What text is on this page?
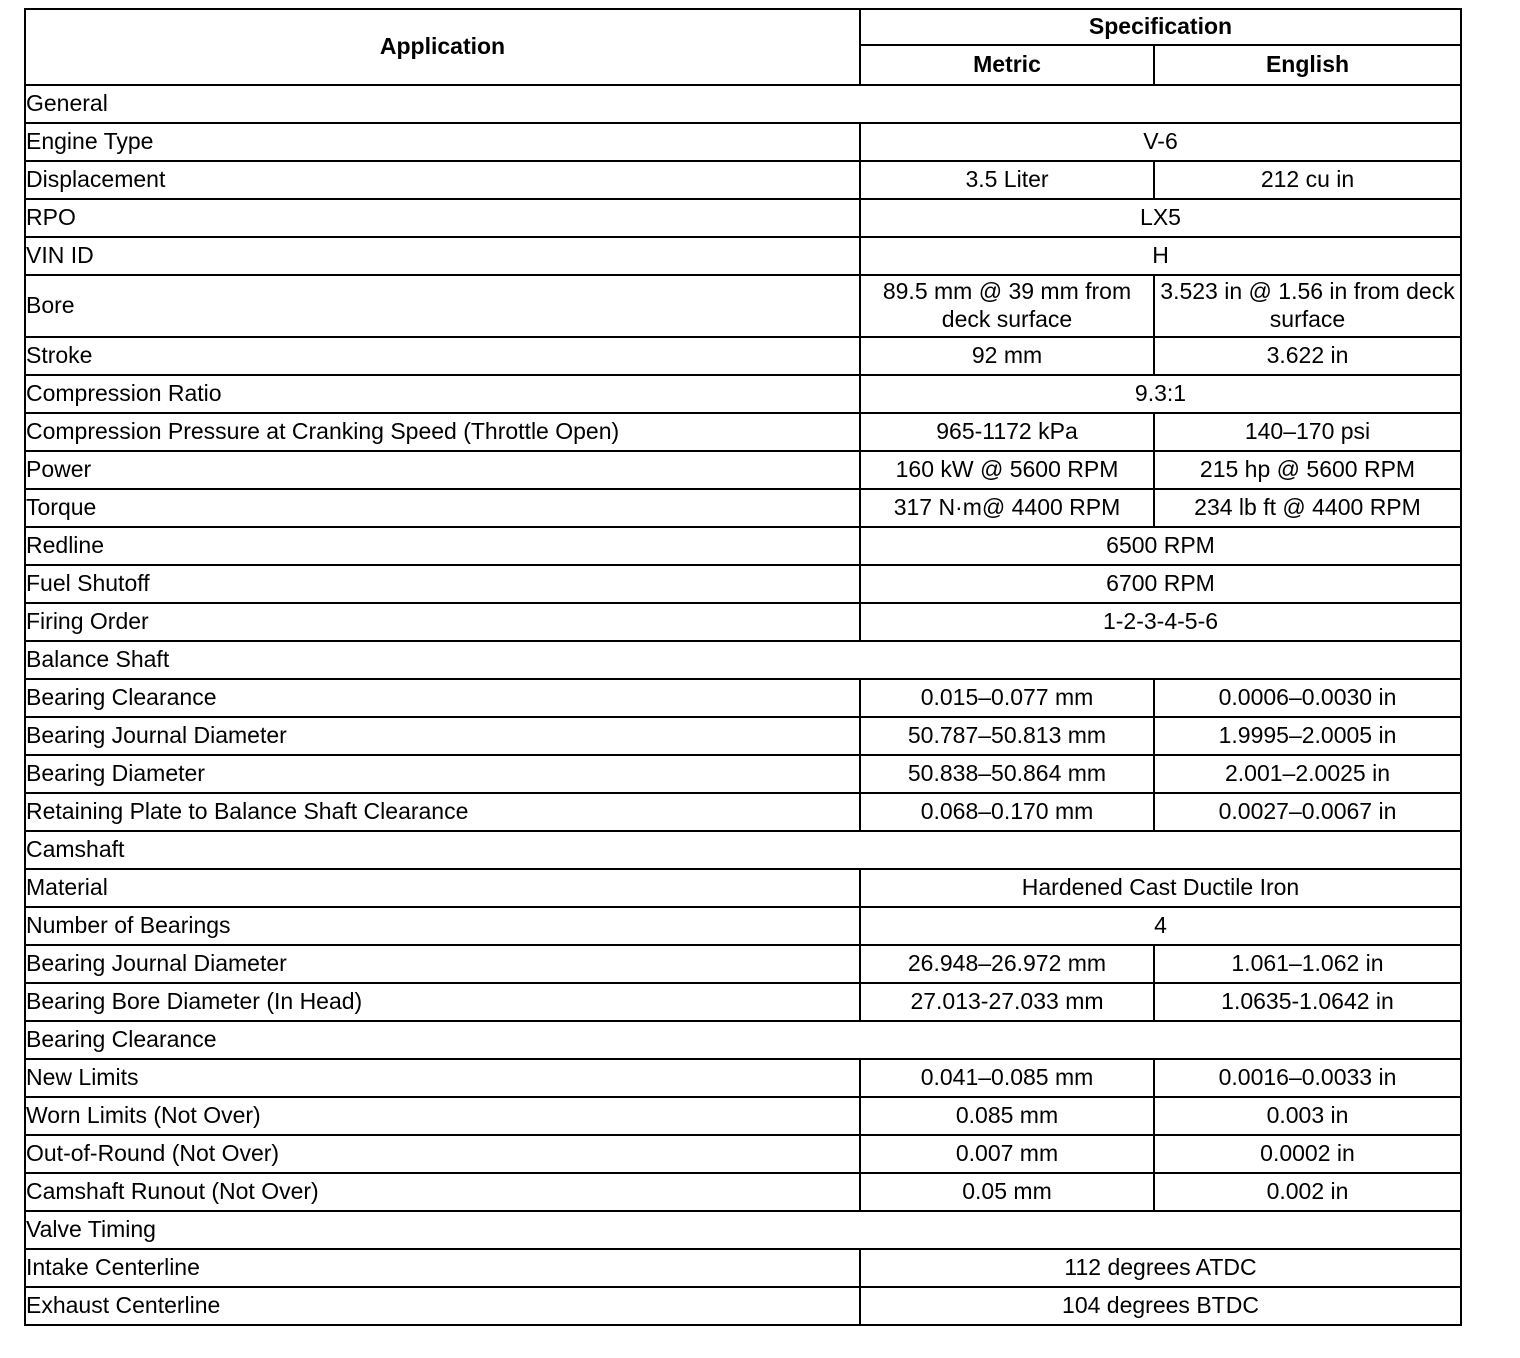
Application	Specification	
	Metric	English
General		
Engine Type	V-6	
Displacement	3.5 Liter	212 cu in
RPO	LX5	
VIN ID	H	
Bore	89.5 mm @ 39 mm from deck surface	3.523 in @ 1.56 in from deck surface
Stroke	92 mm	3.622 in
Compression Ratio	9.3:1	
Compression Pressure at Cranking Speed (Throttle Open)	965-1172 kPa	140–170 psi
Power	160 kW @ 5600 RPM	215 hp @ 5600 RPM
Torque	317 N·m@ 4400 RPM	234 lb ft @ 4400 RPM
Redline	6500 RPM	
Fuel Shutoff	6700 RPM	
Firing Order	1-2-3-4-5-6	
Balance Shaft		
Bearing Clearance	0.015–0.077 mm	0.0006–0.0030 in
Bearing Journal Diameter	50.787–50.813 mm	1.9995–2.0005 in
Bearing Diameter	50.838–50.864 mm	2.001–2.0025 in
Retaining Plate to Balance Shaft Clearance	0.068–0.170 mm	0.0027–0.0067 in
Camshaft		
Material	Hardened Cast Ductile Iron	
Number of Bearings	4	
Bearing Journal Diameter	26.948–26.972 mm	1.061–1.062 in
Bearing Bore Diameter (In Head)	27.013-27.033 mm	1.0635-1.0642 in
Bearing Clearance		
New Limits	0.041–0.085 mm	0.0016–0.0033 in
Worn Limits (Not Over)	0.085 mm	0.003 in
Out-of-Round (Not Over)	0.007 mm	0.0002 in
Camshaft Runout (Not Over)	0.05 mm	0.002 in
Valve Timing		
Intake Centerline	112 degrees ATDC	
Exhaust Centerline	104 degrees BTDC	
